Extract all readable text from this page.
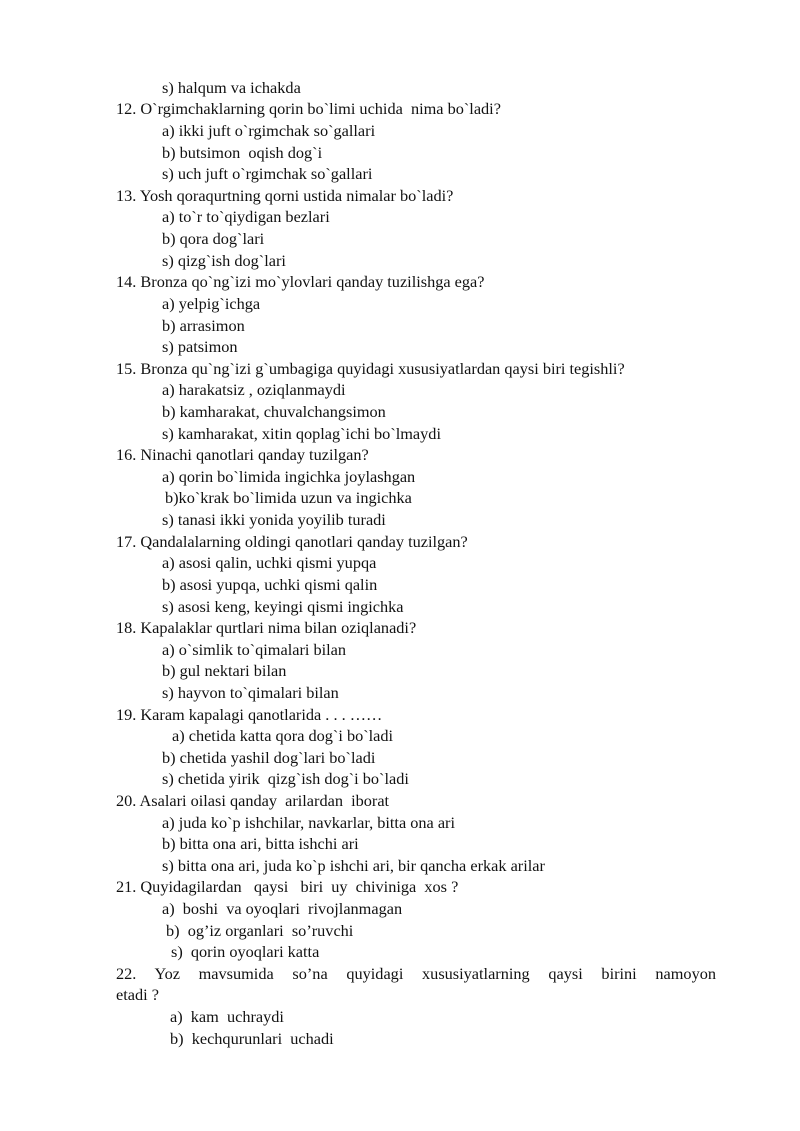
s) halqum va ichakda
12. O`rgimchaklarning qorin bo`limi uchida  nima bo`ladi?
a) ikki juft o`rgimchak so`gallari
b) butsimon  oqish dog`i
s) uch juft o`rgimchak so`gallari
13. Yosh qoraqurtning qorni ustida nimalar bo`ladi?
a) to`r to`qiydigan bezlari
b) qora dog`lari
s) qizg`ish dog`lari
14. Bronza qo`ng`izi mo`ylovlari qanday tuzilishga ega?
a) yelpig`ichga
b) arrasimon
s) patsimon
15. Bronza qu`ng`izi g`umbagiga quyidagi xususiyatlardan qaysi biri tegishli?
a) harakatsiz , oziqlanmaydi
b) kamharakat, chuvalchangsimon
s) kamharakat, xitin qoplag`ichi bo`lmaydi
16. Ninachi qanotlari qanday tuzilgan?
a) qorin bo`limida ingichka joylashgan
b)ko`krak bo`limida uzun va ingichka
s) tanasi ikki yonida yoyilib turadi
17. Qandalalarning oldingi qanotlari qanday tuzilgan?
a) asosi qalin, uchki qismi yupqa
b) asosi yupqa, uchki qismi qalin
s) asosi keng, keyingi qismi ingichka
18. Kapalaklar qurtlari nima bilan oziqlanadi?
a) o`simlik to`qimalari bilan
b) gul nektari bilan
s) hayvon to`qimalari bilan
19. Karam kapalagi qanotlarida . . . ……
a) chetida katta qora dog`i bo`ladi
b) chetida yashil dog`lari bo`ladi
s) chetida yirik  qizg`ish dog`i bo`ladi
20. Asalari oilasi qanday  arilardan  iborat
a) juda ko`p ishchilar, navkarlar, bitta ona ari
b) bitta ona ari, bitta ishchi ari
s) bitta ona ari, juda ko`p ishchi ari, bir qancha erkak arilar
21. Quyidagilardan   qaysi   biri  uy  chiviniga  xos ?
a)  boshi  va oyoqlari  rivojlanmagan
b)  og’iz organlari  so’ruvchi
s)  qorin oyoqlari katta
22. Yoz mavsumida so’na quyidagi xususiyatlarning qaysi birini namoyon
etadi ?
a)  kam  uchraydi
b)  kechqurunlari  uchadi
